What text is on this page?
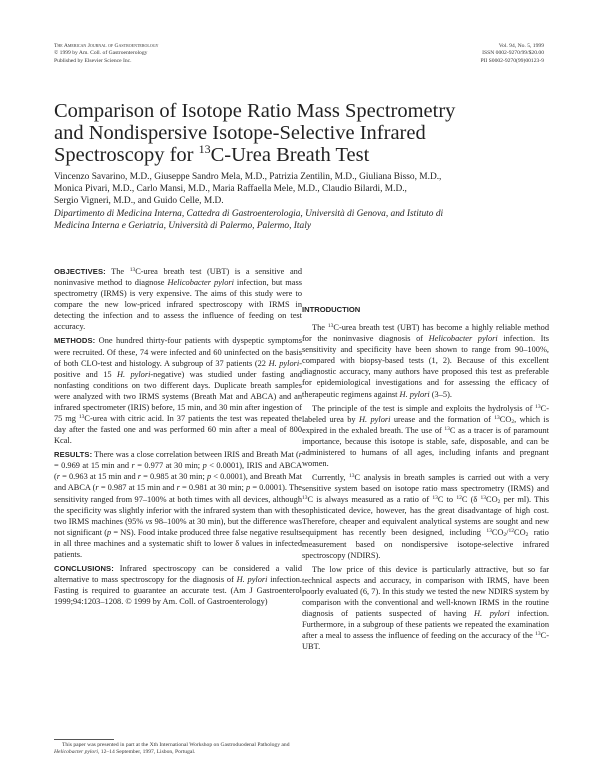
The American Journal of Gastroenterology
© 1999 by Am. Coll. of Gastroenterology
Published by Elsevier Science Inc.
Vol. 94, No. 5, 1999
ISSN 0002-9270/99/$20.00
PII S0002-9270(99)00123-9
Comparison of Isotope Ratio Mass Spectrometry
and Nondispersive Isotope-Selective Infrared
Spectroscopy for $^{13}$C-Urea Breath Test
Vincenzo Savarino, M.D., Giuseppe Sandro Mela, M.D., Patrizia Zentilin, M.D., Giuliana Bisso, M.D.,
Monica Pivari, M.D., Carlo Mansi, M.D., Maria Raffaella Mele, M.D., Claudio Bilardi, M.D.,
Sergio Vigneri, M.D., and Guido Celle, M.D.
Dipartimento di Medicina Interna, Cattedra di Gastroenterologia, Università di Genova, and Istituto di
Medicina Interna e Geriatria, Università di Palermo, Palermo, Italy

OBJECTIVES: The $^{13}$C-urea breath test (UBT) is a sensitive and noninvasive method to diagnose Helicobacter pylori infection, but mass spectrometry (IRMS) is very expensive. The aims of this study were to compare the new low-priced infrared spectroscopy with IRMS in detecting the infection and to assess the influence of feeding on test accuracy.

METHODS: One hundred thirty-four patients with dyspeptic symptoms were recruited. Of these, 74 were infected and 60 uninfected on the basis of both CLO-test and histology. A subgroup of 37 patients (22 H. pylori-positive and 15 H. pylori-negative) was studied under fasting and nonfasting conditions on two different days. Duplicate breath samples were analyzed with two IRMS systems (Breath Mat and ABCA) and an infrared spectrometer (IRIS) before, 15 min, and 30 min after ingestion of 75 mg $^{13}$C-urea with citric acid. In 37 patients the test was repeated the day after the fasted one and was performed 60 min after a meal of 800 Kcal.

RESULTS: There was a close correlation between IRIS and Breath Mat (r = 0.969 at 15 min and r = 0.977 at 30 min; p < 0.0001), IRIS and ABCA (r = 0.963 at 15 min and r = 0.985 at 30 min; p < 0.0001), and Breath Mat and ABCA (r = 0.987 at 15 min and r = 0.981 at 30 min; p = 0.0001). The sensitivity ranged from 97–100% at both times with all devices, although the specificity was slightly inferior with the infrared system than with the two IRMS machines (95% vs 98–100% at 30 min), but the difference was not significant (p = NS). Food intake produced three false negative results in all three machines and a systematic shift to lower δ values in infected patients.

CONCLUSIONS: Infrared spectroscopy can be considered a valid alternative to mass spectroscopy for the diagnosis of H. pylori infection. Fasting is required to guarantee an accurate test. (Am J Gastroenterol 1999;94:1203–1208. © 1999 by Am. Coll. of Gastroenterology)

INTRODUCTION

The $^{13}$C-urea breath test (UBT) has become a highly reliable method for the noninvasive diagnosis of Helicobacter pylori infection. Its sensitivity and specificity have been shown to range from 90–100%, compared with biopsy-based tests (1, 2). Because of this excellent diagnostic accuracy, many authors have proposed this test as preferable for epidemiological investigations and for assessing the efficacy of therapeutic regimens against H. pylori (3–5).

The principle of the test is simple and exploits the hydrolysis of $^{13}$C-labeled urea by H. pylori urease and the formation of $^{13}CO_2$, which is expired in the exhaled breath. The use of $^{13}$C as a tracer is of paramount importance, because this isotope is stable, safe, disposable, and can be administered to humans of all ages, including infants and pregnant women.

Currently, $^{13}$C analysis in breath samples is carried out with a very sensitive system based on isotope ratio mass spectrometry (IRMS) and $^{13}$C is always measured as a ratio of $^{13}$C to $^{12}$C (δ $^{13}CO_2$ per ml). This sophisticated device, however, has the great disadvantage of high cost. Therefore, cheaper and equivalent analytical systems are sought and new equipment has recently been designed, including $^{13}CO_2/^{12}CO_2$ ratio measurement based on nondispersive isotope-selective infrared spectroscopy (NDIRS).

The low price of this device is particularly attractive, but so far technical aspects and accuracy, in comparison with IRMS, have been poorly evaluated (6, 7). In this study we tested the new NDIRS system by comparison with the conventional and well-known IRMS in the routine diagnosis of patients suspected of having H. pylori infection. Furthermore, in a subgroup of these patients we repeated the examination after a meal to assess the influence of feeding on the accuracy of the $^{13}$C-UBT.

This paper was presented in part at the Xth International Workshop on Gastroduodenal Pathology and Helicobacter pylori, 12–14 September, 1997, Lisbon, Portugal.
